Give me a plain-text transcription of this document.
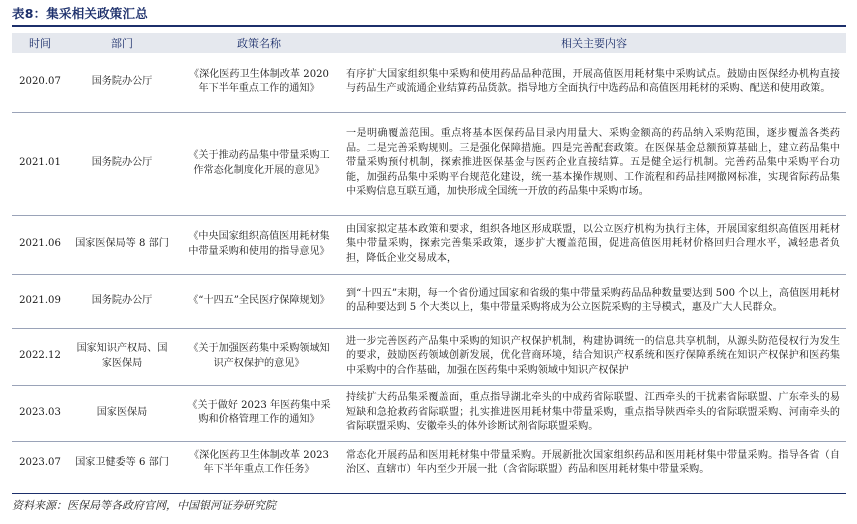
表8：集采相关政策汇总
时间	部门	政策名称	相关主要内容
2020.07	国务院办公厅	《深化医药卫生体制改革 2020 年下半年重点工作的通知》	有序扩大国家组织集中采购和使用药品品种范围，开展高值医用耗材集中采购试点。鼓励由医保经办机构直接与药品生产或流通企业结算药品货款。指导地方全面执行中选药品和高值医用耗材的采购、配送和使用政策。
2021.01	国务院办公厅	《关于推动药品集中带量采购工作常态化制度化开展的意见》	一是明确覆盖范围。重点将基本医保药品目录内用量大、采购金额高的药品纳入采购范围，逐步覆盖各类药品。二是完善采购规则。三是强化保障措施。四是完善配套政策。在医保基金总额预算基础上，建立药品集中带量采购预付机制，探索推进医保基金与医药企业直接结算。五是健全运行机制。完善药品集中采购平台功能，加强药品集中采购平台规范化建设，统一基本操作规则、工作流程和药品挂网撤网标准，实现省际药品集中采购信息互联互通，加快形成全国统一开放的药品集中采购市场。
2021.06	国家医保局等 8 部门	《中央国家组织高值医用耗材集中带量采购和使用的指导意见》	由国家拟定基本政策和要求，组织各地区形成联盟，以公立医疗机构为执行主体，开展国家组织高值医用耗材集中带量采购，探索完善集采政策，逐步扩大覆盖范围，促进高值医用耗材价格回归合理水平，减轻患者负担，降低企业交易成本，
2021.09	国务院办公厅	《“十四五”全民医疗保障规划》	到“十四五”末期，每一个省份通过国家和省级的集中带量采购药品品种数量要达到 500 个以上，高值医用耗材的品种要达到 5 个大类以上，集中带量采购将成为公立医院采购的主导模式，惠及广大人民群众。
2022.12	国家知识产权局、国家医保局	《关于加强医药集中采购领域知识产权保护的意见》	进一步完善医药产品集中采购的知识产权保护机制，构建协调统一的信息共享机制，从源头防范侵权行为发生的要求，鼓励医药领域创新发展，优化营商环境，结合知识产权系统和医疗保障系统在知识产权保护和医药集中采购中的合作基础，加强在医药集中采购领域中知识产权保护
2023.03	国家医保局	《关于做好 2023 年医药集中采购和价格管理工作的通知》	持续扩大药品集采覆盖面，重点指导湖北牵头的中成药省际联盟、江西牵头的干扰素省际联盟、广东牵头的易短缺和急抢救药省际联盟；扎实推进医用耗材集中带量采购，重点指导陕西牵头的省际联盟采购、河南牵头的省际联盟采购、安徽牵头的体外诊断试剂省际联盟采购。
2023.07	国家卫健委等 6 部门	《深化医药卫生体制改革 2023 年下半年重点工作任务》	常态化开展药品和医用耗材集中带量采购。开展新批次国家组织药品和医用耗材集中带量采购。指导各省（自治区、直辖市）年内至少开展一批（含省际联盟）药品和医用耗材集中带量采购。
资料来源：医保局等各政府官网，中国银河证券研究院
